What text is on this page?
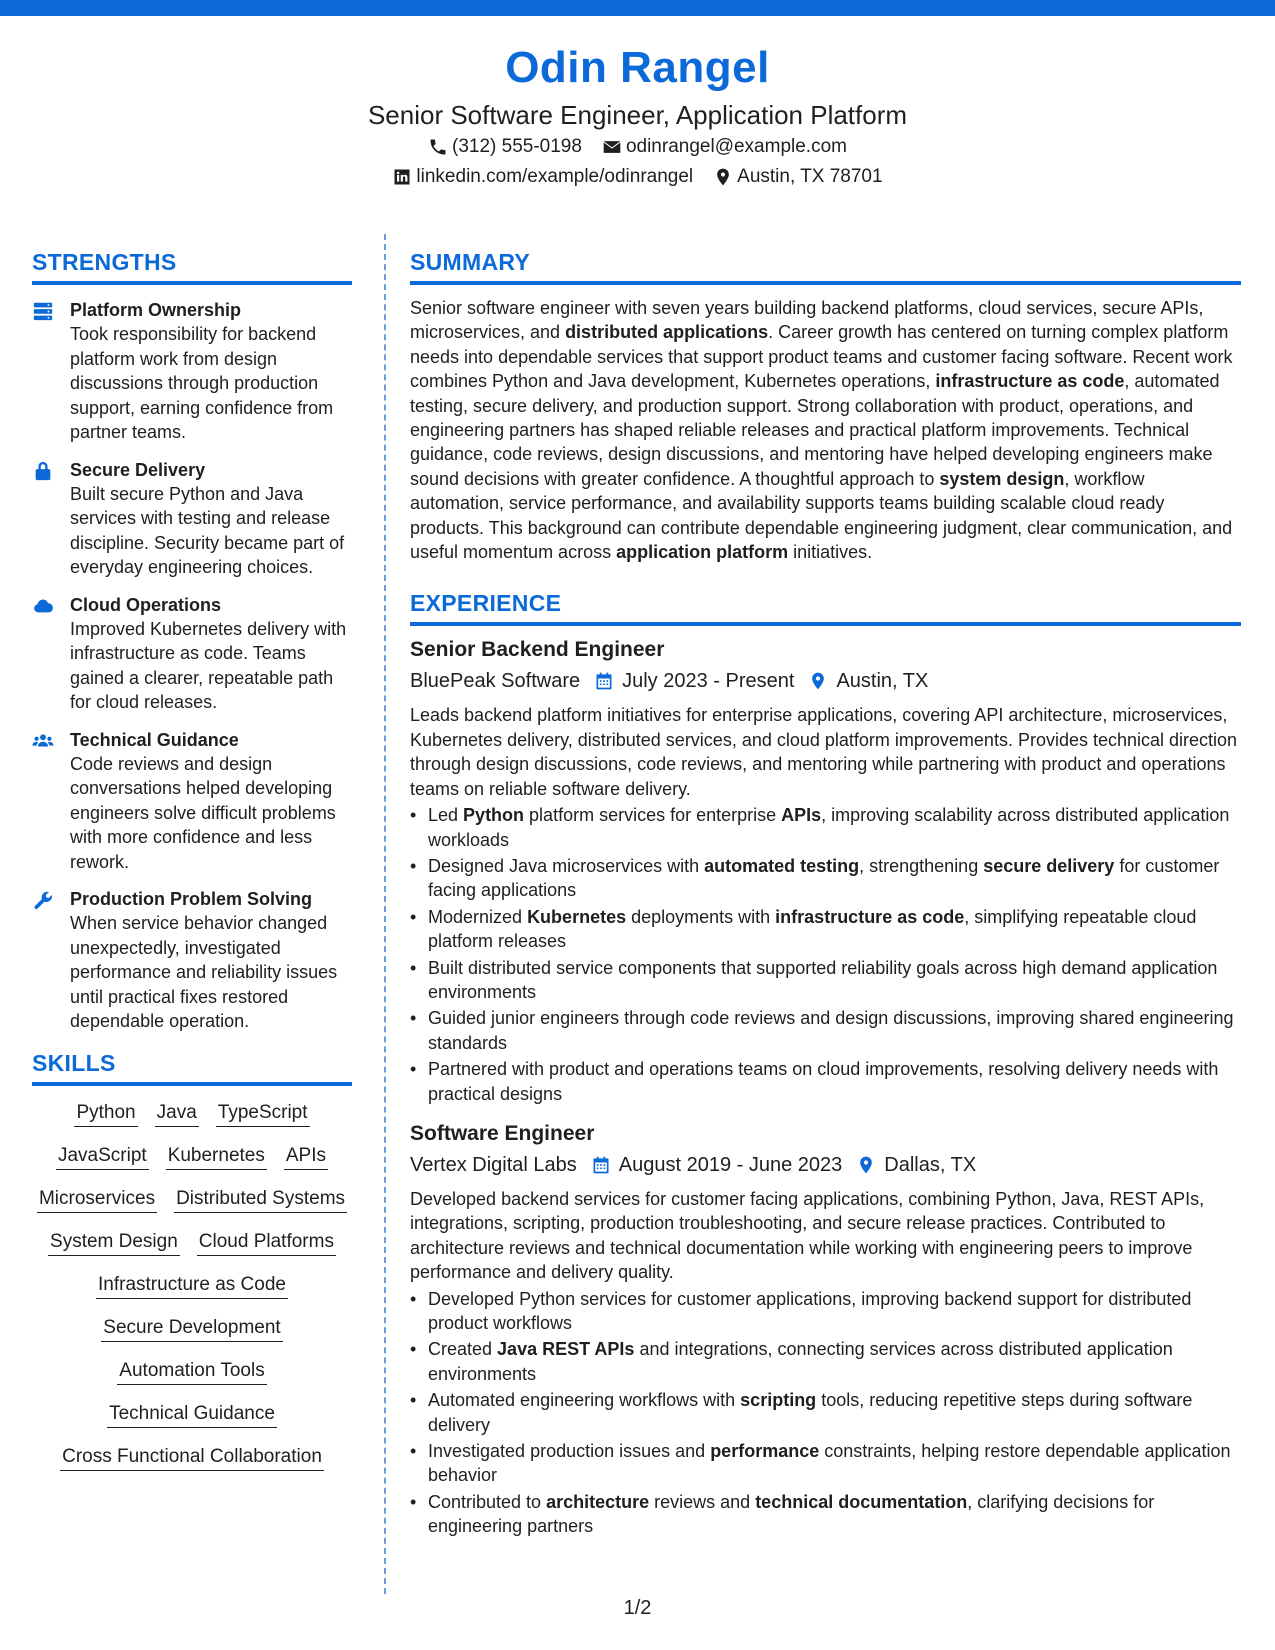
Odin Rangel
Senior Software Engineer, Application Platform
(312) 555-0198 odinrangel@example.com
linkedin.com/example/odinrangel Austin, TX 78701
STRENGTHS
Platform Ownership
Took responsibility for backend platform work from design discussions through production support, earning confidence from partner teams.
Secure Delivery
Built secure Python and Java services with testing and release discipline. Security became part of everyday engineering choices.
Cloud Operations
Improved Kubernetes delivery with infrastructure as code. Teams gained a clearer, repeatable path for cloud releases.
Technical Guidance
Code reviews and design conversations helped developing engineers solve difficult problems with more confidence and less rework.
Production Problem Solving
When service behavior changed unexpectedly, investigated performance and reliability issues until practical fixes restored dependable operation.
SKILLS
Python Java TypeScript
JavaScript Kubernetes APIs
Microservices Distributed Systems
System Design Cloud Platforms
Infrastructure as Code
Secure Development
Automation Tools
Technical Guidance
Cross Functional Collaboration
SUMMARY

Senior software engineer with seven years building backend platforms, cloud services, secure APIs, microservices, and distributed applications. Career growth has centered on turning complex platform needs into dependable services that support product teams and customer facing software. Recent work combines Python and Java development, Kubernetes operations, infrastructure as code, automated testing, secure delivery, and production support. Strong collaboration with product, operations, and engineering partners has shaped reliable releases and practical platform improvements. Technical guidance, code reviews, design discussions, and mentoring have helped developing engineers make sound decisions with greater confidence. A thoughtful approach to system design, workflow automation, service performance, and availability supports teams building scalable cloud ready products. This background can contribute dependable engineering judgment, clear communication, and useful momentum across application platform initiatives.

EXPERIENCE
Senior Backend Engineer
BluePeak Software July 2023 - Present Austin, TX

Leads backend platform initiatives for enterprise applications, covering API architecture, microservices, Kubernetes delivery, distributed services, and cloud platform improvements. Provides technical direction through design discussions, code reviews, and mentoring while partnering with product and operations teams on reliable software delivery.

• Led Python platform services for enterprise APIs, improving scalability across distributed application workloads
• Designed Java microservices with automated testing, strengthening secure delivery for customer facing applications
• Modernized Kubernetes deployments with infrastructure as code, simplifying repeatable cloud platform releases
• Built distributed service components that supported reliability goals across high demand application environments
• Guided junior engineers through code reviews and design discussions, improving shared engineering standards
• Partnered with product and operations teams on cloud improvements, resolving delivery needs with practical designs
Software Engineer
Vertex Digital Labs August 2019 - June 2023 Dallas, TX

Developed backend services for customer facing applications, combining Python, Java, REST APIs, integrations, scripting, production troubleshooting, and secure release practices. Contributed to architecture reviews and technical documentation while working with engineering peers to improve performance and delivery quality.

• Developed Python services for customer applications, improving backend support for distributed product workflows
• Created Java REST APIs and integrations, connecting services across distributed application environments
• Automated engineering workflows with scripting tools, reducing repetitive steps during software delivery
• Investigated production issues and performance constraints, helping restore dependable application behavior
• Contributed to architecture reviews and technical documentation, clarifying decisions for engineering partners
1/2
